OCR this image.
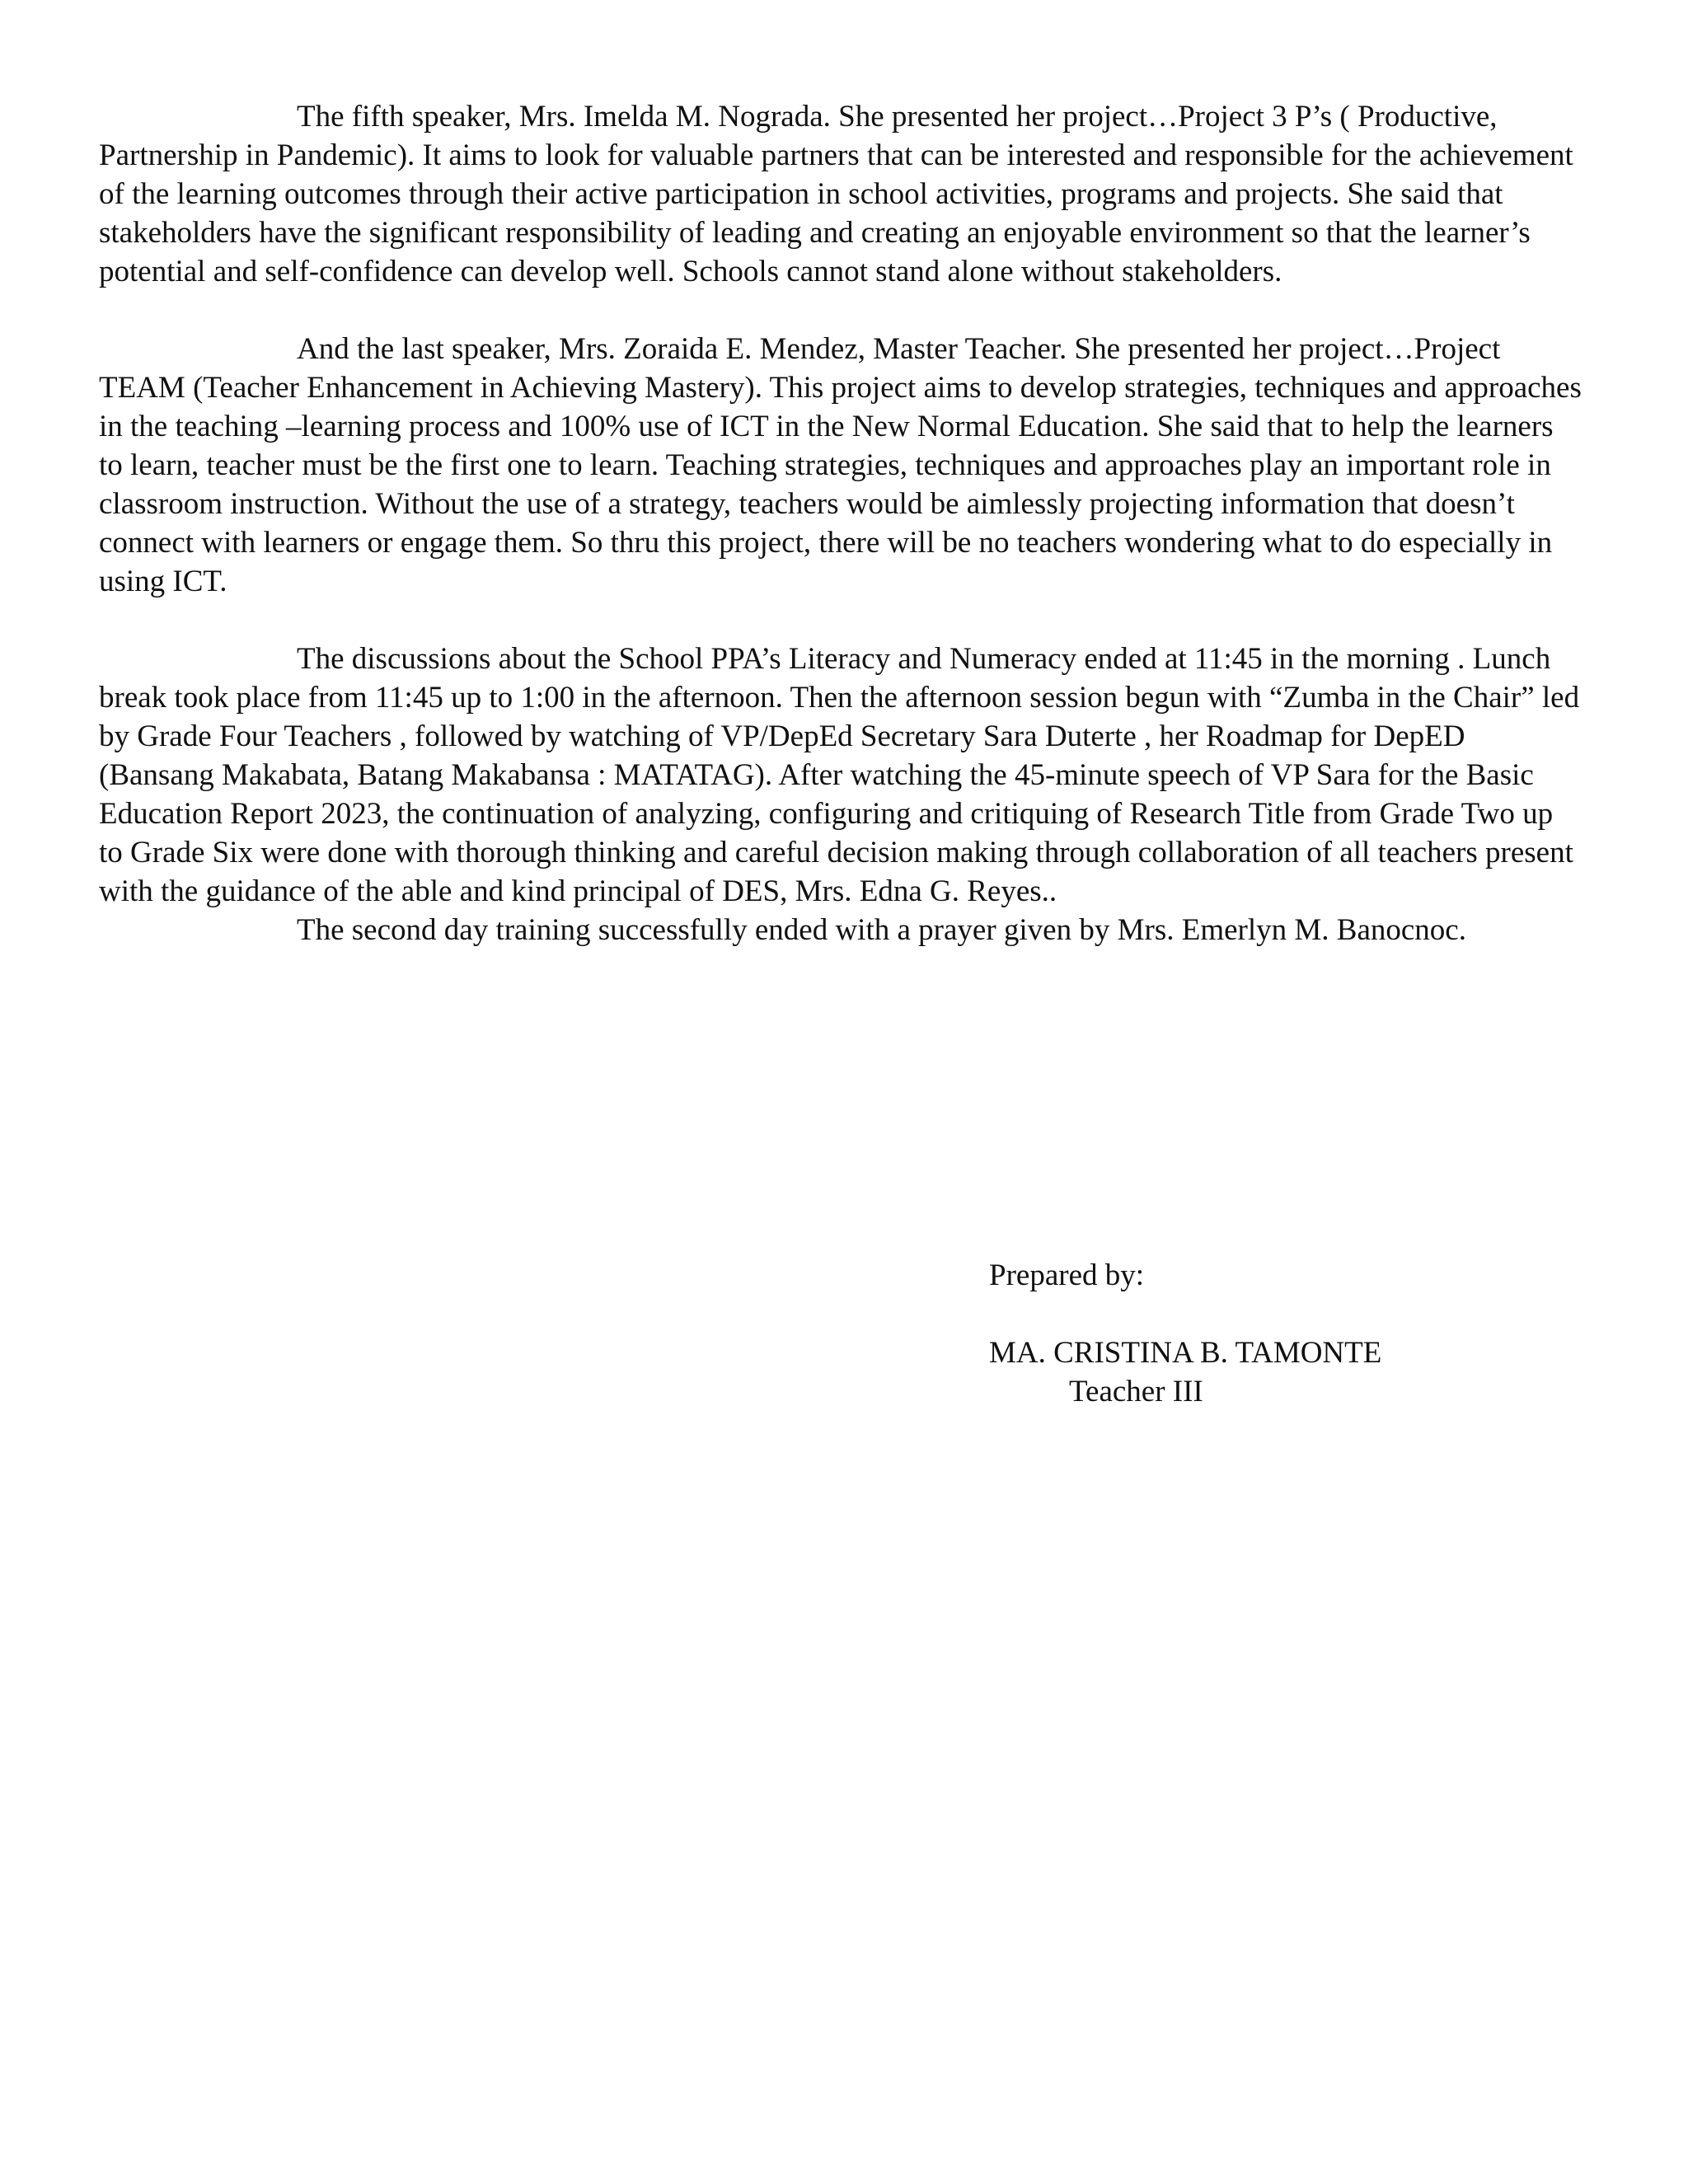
The fifth speaker, Mrs. Imelda M. Nograda. She presented her project…Project 3 P’s ( Productive, Partnership in Pandemic). It aims to look for valuable partners that can be interested and responsible for the achievement of the learning outcomes through their active participation in school activities, programs and projects. She said that stakeholders have the significant responsibility of leading and creating an enjoyable environment so that the learner’s potential and self-confidence can develop well. Schools cannot stand alone without stakeholders.

And the last speaker, Mrs. Zoraida E. Mendez, Master Teacher. She presented her project…Project TEAM (Teacher Enhancement in Achieving Mastery). This project aims to develop strategies, techniques and approaches in the teaching –learning process and 100% use of ICT in the New Normal Education. She said that to help the learners to learn, teacher must be the first one to learn. Teaching strategies, techniques and approaches play an important role in classroom instruction. Without the use of a strategy, teachers would be aimlessly projecting information that doesn’t connect with learners or engage them. So thru this project, there will be no teachers wondering what to do especially in using ICT.

The discussions about the School PPA’s Literacy and Numeracy ended at 11:45 in the morning . Lunch break took place from 11:45 up to 1:00 in the afternoon. Then the afternoon session begun with “Zumba in the Chair” led by Grade Four Teachers , followed by watching of VP/DepEd Secretary Sara Duterte , her Roadmap for DepED (Bansang Makabata, Batang Makabansa : MATATAG). After watching the 45-minute speech of VP Sara for the Basic Education Report 2023, the continuation of analyzing, configuring and critiquing of Research Title from Grade Two up to Grade Six were done with thorough thinking and careful decision making through collaboration of all teachers present with the guidance of the able and kind principal of DES, Mrs. Edna G. Reyes..

The second day training successfully ended with a prayer given by Mrs. Emerlyn M. Banocnoc.

Prepared by:

MA. CRISTINA B. TAMONTE

Teacher III
